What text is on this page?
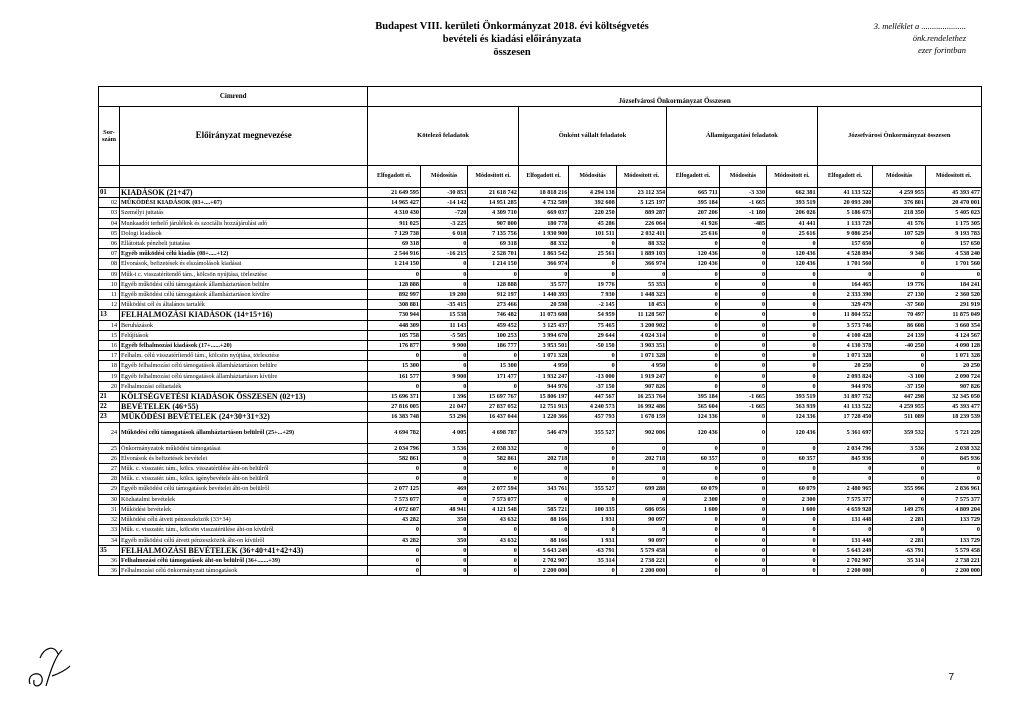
Budapest VIII. kerületi Önkormányzat 2018. évi költségvetés
bevételi és kiadási előirányzata
összesen
3. melléklet a .....................
önk.rendelethez
ezer forintban
Címrend		Józsefvárosi Önkormányzat Összesen											
Sor-szám	Előirányzat megnevezése	Kötelező feladatok			Önként vállalt feladatok			Államigazgatási feladatok			Józsefvárosi Önkormányzat összesen		
		Elfogadott ei.	Módosítás	Módosított ei.	Elfogadott ei.	Módosítás	Módosított ei.	Elfogadott ei.	Módosítás	Módosított ei.	Elfogadott ei.	Módosítás	Módosított ei.
01	KIADÁSOK (21+47)	21 649 595	-30 853	21 618 742	18 818 216	4 294 138	23 112 354	665 711	-3 330	662 381	41 133 522	4 259 955	45 393 477
02	MŰKÖDÉSI KIADÁSOK (03+....+07)	14 965 427	-14 142	14 951 285	4 732 589	392 608	5 125 197	395 184	-1 665	393 519	20 093 200	376 801	20 470 001
03	Személyi juttatás	4 310 430	-720	4 309 710	669 037	220 250	889 287	207 206	-1 180	206 026	5 186 673	218 350	5 405 023
04	Munkaadót terhelő járulékok és szociális hozzájárulási adó	911 025	-3 225	907 800	180 778	45 286	226 064	41 926	-485	41 441	1 133 729	41 576	1 175 305
05	Dologi kiadások	7 129 738	6 018	7 135 756	1 930 900	101 511	2 032 411	25 616	0	25 616	9 086 254	107 529	9 193 783
06	Ellátottak pénzbeli juttatása	69 318	0	69 318	88 332	0	88 332	0	0	0	157 650	0	157 650
07	Egyéb működési célú kiadás (08+.....+12)	2 544 916	-16 215	2 528 701	1 863 542	25 561	1 889 103	120 436	0	120 436	4 528 894	9 346	4 538 240
08	Elvonások, befizetések és elszámolások kiadásai	1 214 150	0	1 214 150	366 974	0	366 974	120 436	0	120 436	1 701 560	0	1 701 560
09	Műk-i c. visszatérítendő tám., kölcsön nyújtása, törlesztése	0	0	0	0	0	0	0	0	0	0	0	0
10	Egyéb működési célú támogatások államháztartáson belülre	128 888	0	128 888	35 577	19 776	55 353	0	0	0	164 465	19 776	184 241
11	Egyéb működési célú támogatások államháztartáson kívülre	892 997	19 200	912 197	1 440 393	7 930	1 448 323	0	0	0	2 333 390	27 130	2 360 520
12	Működési cél és általános tartalék	308 881	-35 415	273 466	20 598	-2 145	18 453	0	0	0	329 479	-37 560	291 919
13	FELHALMOZÁSI KIADÁSOK (14+15+16)	730 944	15 538	746 482	11 073 608	54 959	11 128 567	0	0	0	11 804 552	70 497	11 875 049
14	Beruházások	448 309	11 143	459 452	3 125 437	75 465	3 200 902	0	0	0	3 573 746	86 608	3 660 354
15	Felújítások	105 758	-5 505	100 253	3 994 670	29 644	4 024 314	0	0	0	4 100 428	24 139	4 124 567
16	Egyéb felhalmozási kiadások (17+......+20)	176 877	9 900	186 777	3 953 501	-50 150	3 903 351	0	0	0	4 130 378	-40 250	4 090 128
17	Felhalm. célú visszatérítendő tám., kölcsön nyújtása, törlesztése	0	0	0	1 071 328	0	1 071 328	0	0	0	1 071 328	0	1 071 328
18	Egyéb felhalmozási célú támogatások államháztartáson belülre	15 300	0	15 300	4 950	0	4 950	0	0	0	20 250	0	20 250
19	Egyéb felhalmozási célú támogatások államháztartáson kívülre	161 577	9 900	171 477	1 932 247	-13 000	1 919 247	0	0	0	2 093 824	-3 100	2 090 724
20	Felhalmozási céltartalék	0	0	0	944 976	-37 150	907 826	0	0	0	944 976	-37 150	907 826
21	KÖLTSÉGVETÉSI KIADÁSOK ÖSSZESEN (02+13)	15 696 371	1 396	15 697 767	15 806 197	447 567	16 253 764	395 184	-1 665	393 519	31 897 752	447 298	32 345 050
22	BEVÉTELEK (46+55)	27 816 005	21 047	27 837 052	12 751 913	4 240 573	16 992 486	565 604	-1 665	563 939	41 133 522	4 259 955	45 393 477
23	MŰKÖDÉSI BEVÉTELEK (24+30+31+32)	16 383 748	53 296	16 437 044	1 220 366	457 793	1 678 159	124 336	0	124 336	17 728 450	511 089	18 239 539
24	Működési célú támogatások államháztartáson belülről (25+...+29)	4 694 782	4 005	4 698 787	546 479	355 527	902 006	120 436	0	120 436	5 361 697	359 532	5 721 229
25	Önkormányzatok működési támogatásai	2 034 796	3 536	2 038 332	0	0	0	0	0	0	2 034 796	3 536	2 038 332
26	Elvonások és befizetések bevételei	582 861	0	582 861	202 718	0	202 718	60 357	0	60 357	845 936	0	845 936
27	Műk. c. visszatér. tám., kölcs. visszatérülése áht-on belülről	0	0	0	0	0	0	0	0	0	0	0	0
28	Műk. c. visszatér. tám., kölcs. igénybevétele áht-on belülről	0	0	0	0	0	0	0	0	0	0	0	0
29	Egyéb működési célú támogatások bevételei áht-on belülről	2 077 125	469	2 077 594	343 761	355 527	699 288	60 079	0	60 079	2 480 965	355 996	2 836 961
30	Közhatalmi bevételek	7 573 077	0	7 573 077	0	0	0	2 300	0	2 300	7 575 377	0	7 575 377
31	Működési bevételek	4 072 607	48 941	4 121 548	585 721	100 335	686 056	1 600	0	1 600	4 659 928	149 276	4 809 204
32	Működési célú átvett pénzeszközök (33+34)	43 282	350	43 632	88 166	1 931	90 097	0	0	0	131 448	2 281	133 729
33	Műk. c. visszatér. tám., kölcsön visszatérülése áht-on kívülről	0	0	0	0	0	0	0	0	0	0	0	0
34	Egyéb működési célú átvett pénzeszközök áht-on kívülről	43 282	350	43 632	88 166	1 931	90 097	0	0	0	131 448	2 281	133 729
35	FELHALMOZÁSI BEVÉTELEK (36+40+41+42+43)	0	0	0	5 643 249	-63 791	5 579 458	0	0	0	5 643 249	-63 791	5 579 458
36	Felhalmozási célú támogatások áht-on belülről (36+.......+39)	0	0	0	2 702 907	35 314	2 738 221	0	0	0	2 702 907	35 314	2 738 221
36	Felhalmozási célú önkormányzati támogatások	0	0	0	2 200 000	0	2 200 000	0	0	0	2 200 000	0	2 200 000
7
